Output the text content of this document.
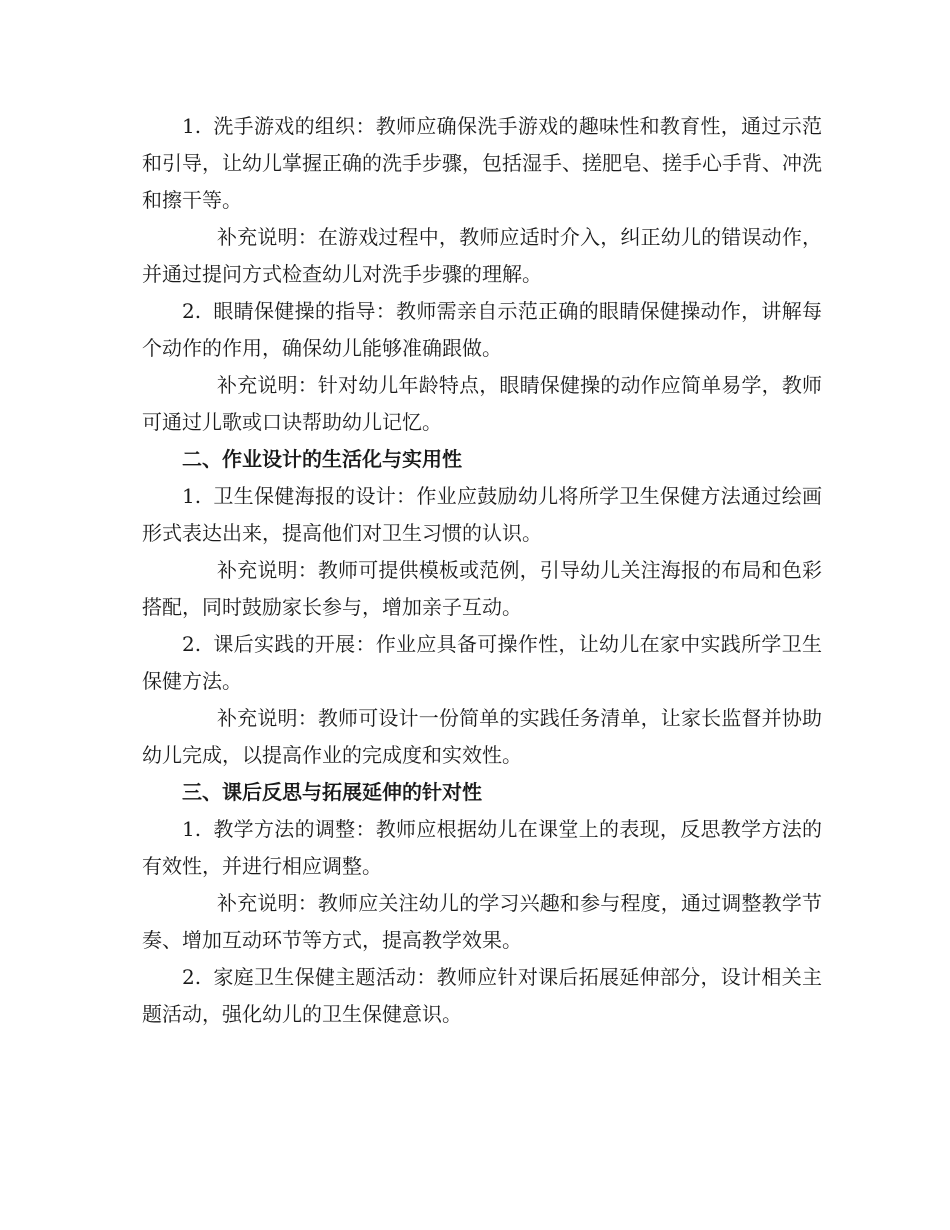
1. 洗手游戏的组织：教师应确保洗手游戏的趣味性和教育性，通过示范和引导，让幼儿掌握正确的洗手步骤，包括湿手、搓肥皂、搓手心手背、冲洗和擦干等。

补充说明：在游戏过程中，教师应适时介入，纠正幼儿的错误动作，并通过提问方式检查幼儿对洗手步骤的理解。

2. 眼睛保健操的指导：教师需亲自示范正确的眼睛保健操动作，讲解每个动作的作用，确保幼儿能够准确跟做。

补充说明：针对幼儿年龄特点，眼睛保健操的动作应简单易学，教师可通过儿歌或口诀帮助幼儿记忆。

二、作业设计的生活化与实用性

1. 卫生保健海报的设计：作业应鼓励幼儿将所学卫生保健方法通过绘画形式表达出来，提高他们对卫生习惯的认识。

补充说明：教师可提供模板或范例，引导幼儿关注海报的布局和色彩搭配，同时鼓励家长参与，增加亲子互动。

2. 课后实践的开展：作业应具备可操作性，让幼儿在家中实践所学卫生保健方法。

补充说明：教师可设计一份简单的实践任务清单，让家长监督并协助幼儿完成，以提高作业的完成度和实效性。

三、课后反思与拓展延伸的针对性

1. 教学方法的调整：教师应根据幼儿在课堂上的表现，反思教学方法的有效性，并进行相应调整。

补充说明：教师应关注幼儿的学习兴趣和参与程度，通过调整教学节奏、增加互动环节等方式，提高教学效果。

2. 家庭卫生保健主题活动：教师应针对课后拓展延伸部分，设计相关主题活动，强化幼儿的卫生保健意识。
